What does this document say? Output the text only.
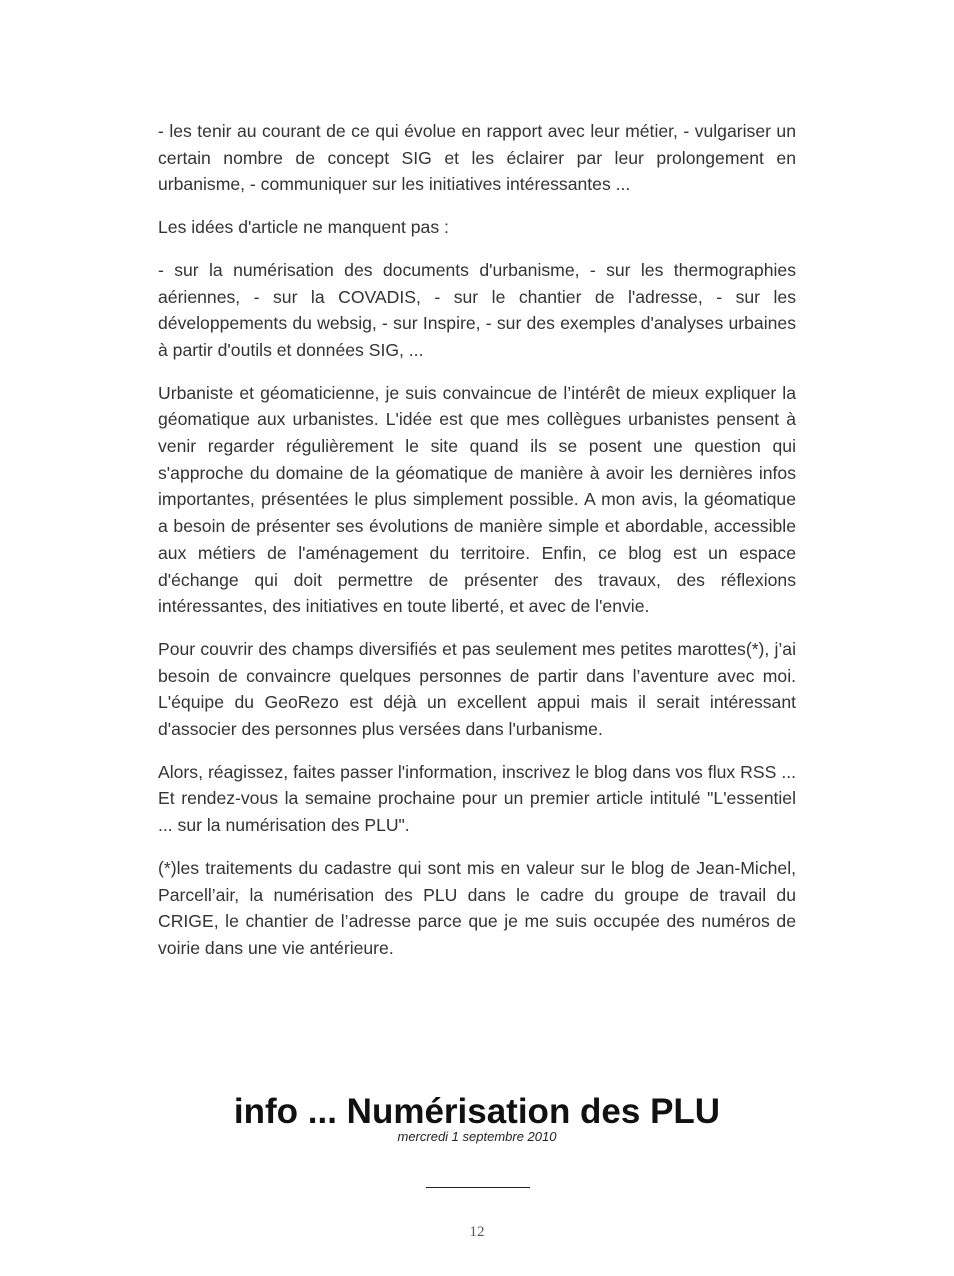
- les tenir au courant de ce qui évolue en rapport avec leur métier, - vulgariser un certain nombre de concept SIG et les éclairer par leur prolongement en urbanisme, - communiquer sur les initiatives intéressantes ...

Les idées d'article ne manquent pas :

- sur la numérisation des documents d'urbanisme, - sur les thermographies aériennes, - sur la COVADIS, - sur le chantier de l'adresse, - sur les développements du websig, - sur Inspire, - sur des exemples d'analyses urbaines à partir d'outils et données SIG, ...

Urbaniste et géomaticienne, je suis convaincue de l’intérêt de mieux expliquer la géomatique aux urbanistes. L'idée est que mes collègues urbanistes pensent à venir regarder régulièrement le site quand ils se posent une question qui s'approche du domaine de la géomatique de manière à avoir les dernières infos importantes, présentées le plus simplement possible. A mon avis, la géomatique a besoin de présenter ses évolutions de manière simple et abordable, accessible aux métiers de l'aménagement du territoire. Enfin, ce blog est un espace d'échange qui doit permettre de présenter des travaux, des réflexions intéressantes, des initiatives en toute liberté, et avec de l'envie.

Pour couvrir des champs diversifiés et pas seulement mes petites marottes(*), j’ai besoin de convaincre quelques personnes de partir dans l’aventure avec moi. L'équipe du GeoRezo est déjà un excellent appui mais il serait intéressant d'associer des personnes plus versées dans l'urbanisme.

Alors, réagissez, faites passer l'information, inscrivez le blog dans vos flux RSS ... Et rendez-vous la semaine prochaine pour un premier article intitulé "L'essentiel ... sur la numérisation des PLU".

(*)les traitements du cadastre qui sont mis en valeur sur le blog de Jean-Michel, Parcell’air, la numérisation des PLU dans le cadre du groupe de travail du CRIGE, le chantier de l’adresse parce que je me suis occupée des numéros de voirie dans une vie antérieure.

info ... Numérisation des PLU
mercredi 1 septembre 2010
12
